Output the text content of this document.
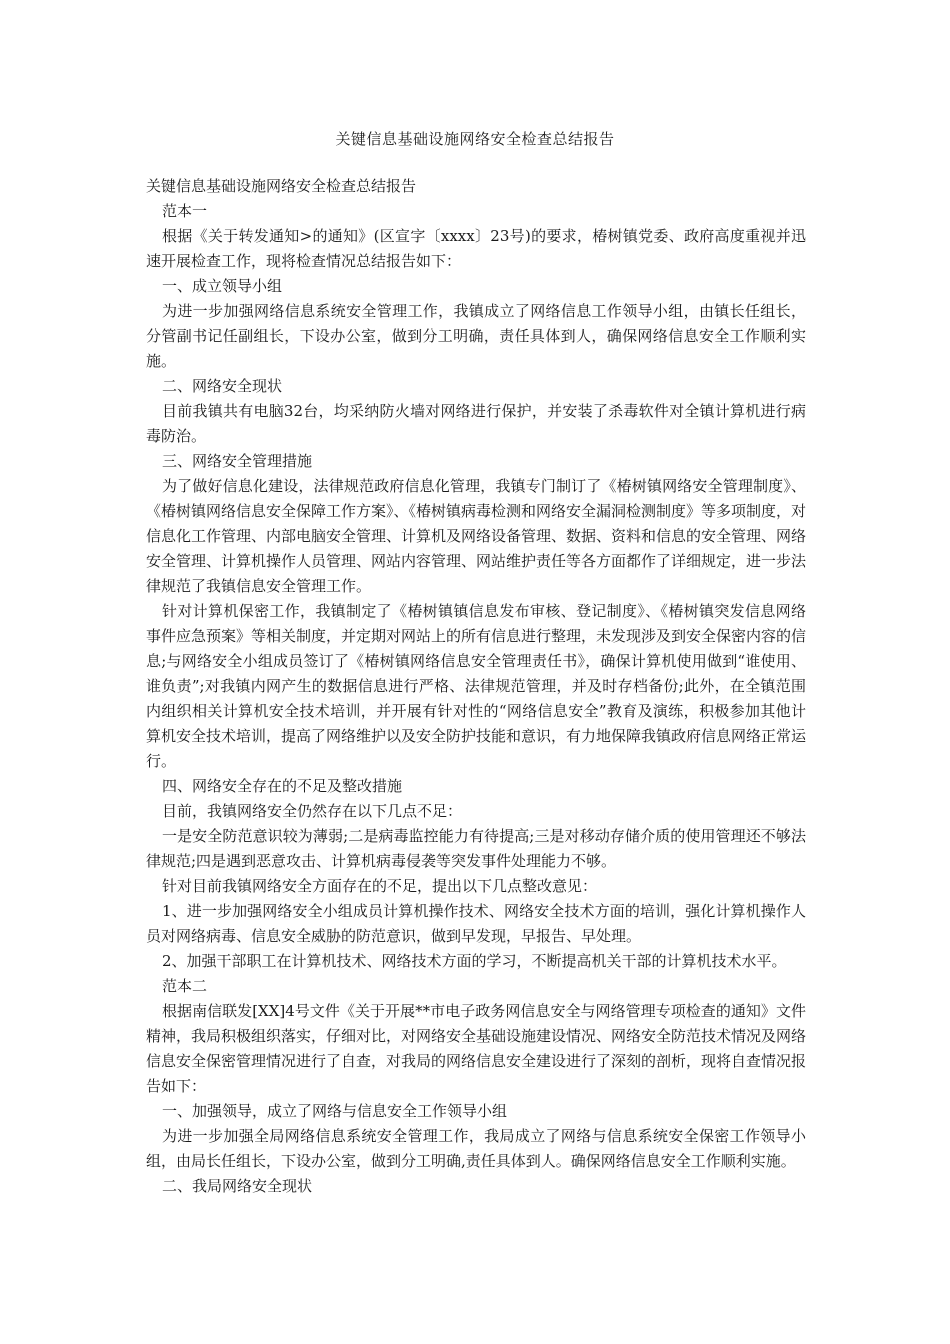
关键信息基础设施网络安全检查总结报告

关键信息基础设施网络安全检查总结报告

范本一

根据《关于转发通知>的通知》(区宣字〔xxxx〕23号)的要求，椿树镇党委、政府高度重视并迅速开展检查工作，现将检查情况总结报告如下：

一、成立领导小组

为进一步加强网络信息系统安全管理工作，我镇成立了网络信息工作领导小组，由镇长任组长，分管副书记任副组长，下设办公室，做到分工明确，责任具体到人，确保网络信息安全工作顺利实施。

二、网络安全现状

目前我镇共有电脑32台，均采纳防火墙对网络进行保护，并安装了杀毒软件对全镇计算机进行病毒防治。

三、网络安全管理措施

为了做好信息化建设，法律规范政府信息化管理，我镇专门制订了《椿树镇网络安全管理制度》、《椿树镇网络信息安全保障工作方案》、《椿树镇病毒检测和网络安全漏洞检测制度》等多项制度，对信息化工作管理、内部电脑安全管理、计算机及网络设备管理、数据、资料和信息的安全管理、网络安全管理、计算机操作人员管理、网站内容管理、网站维护责任等各方面都作了详细规定，进一步法律规范了我镇信息安全管理工作。

针对计算机保密工作，我镇制定了《椿树镇镇信息发布审核、登记制度》、《椿树镇突发信息网络事件应急预案》等相关制度，并定期对网站上的所有信息进行整理，未发现涉及到安全保密内容的信息;与网络安全小组成员签订了《椿树镇网络信息安全管理责任书》，确保计算机使用做到“谁使用、谁负责”;对我镇内网产生的数据信息进行严格、法律规范管理，并及时存档备份;此外，在全镇范围内组织相关计算机安全技术培训，并开展有针对性的“网络信息安全”教育及演练，积极参加其他计算机安全技术培训，提高了网络维护以及安全防护技能和意识，有力地保障我镇政府信息网络正常运行。

四、网络安全存在的不足及整改措施

目前，我镇网络安全仍然存在以下几点不足：

一是安全防范意识较为薄弱;二是病毒监控能力有待提高;三是对移动存储介质的使用管理还不够法律规范;四是遇到恶意攻击、计算机病毒侵袭等突发事件处理能力不够。

针对目前我镇网络安全方面存在的不足，提出以下几点整改意见：

1、进一步加强网络安全小组成员计算机操作技术、网络安全技术方面的培训，强化计算机操作人员对网络病毒、信息安全威胁的防范意识，做到早发现，早报告、早处理。

2、加强干部职工在计算机技术、网络技术方面的学习，不断提高机关干部的计算机技术水平。

范本二

根据南信联发[XX]4号文件《关于开展**市电子政务网信息安全与网络管理专项检查的通知》文件精神，我局积极组织落实，仔细对比，对网络安全基础设施建设情况、网络安全防范技术情况及网络信息安全保密管理情况进行了自查，对我局的网络信息安全建设进行了深刻的剖析，现将自查情况报告如下：

一、加强领导，成立了网络与信息安全工作领导小组

为进一步加强全局网络信息系统安全管理工作，我局成立了网络与信息系统安全保密工作领导小组，由局长任组长，下设办公室，做到分工明确,责任具体到人。确保网络信息安全工作顺利实施。

二、我局网络安全现状
